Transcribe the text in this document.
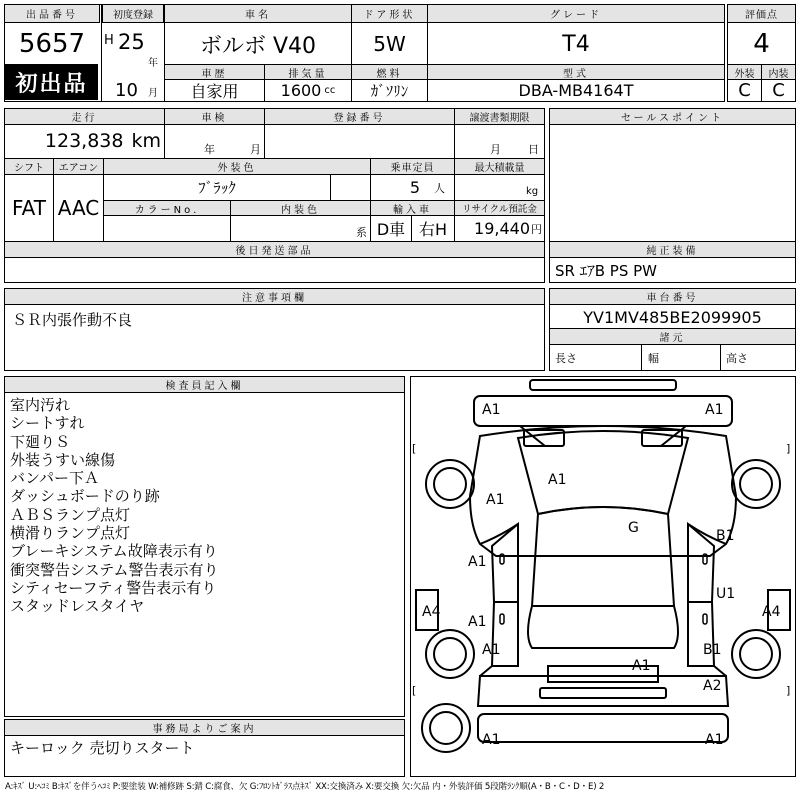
出品番号
5657
初出品
初度登録
H 25
年
車名
ボルボ V40
ドア形状
5W
グレード
T4
評価点
4
10	月
車歴
自家用
排気量
1600 cc
燃料
ｶﾞｿﾘﾝ
型式
DBA-MB4164T
外装	内装
C	C
走行
123,838 km
車検
年	月
登録番号	譲渡書類期限
月 日
シフト	エアコン
FAT AAC
外装色
ﾌﾞﾗｯｸ
乗車定員
5 人
最大積載量
kg
カラーNo.	内装色
系
輸入車
D車 右H
リサイクル預託金
19,440 円
後日発送部品
セールスポイント
純正装備
SR ｴｱB PS PW
注意事項欄
ＳＲ内張作動不良
車台番号
YV1MV485BE2099905
諸元
長さ	幅	高さ
検査員記入欄
室内汚れ
シートすれ
下廻りＳ
外装うすい線傷
バンパー下Ａ
ダッシュボードのり跡
ＡＢＳランプ点灯
横滑りランプ点灯
ブレーキシステム故障表示有り
衝突警告システム警告表示有り
シティセーフティ警告表示有り
スタッドレスタイヤ
事務局よりご案内
キーロック 売切りスタート
A1	A1
A1
G
A1
A1
A1
B1
U1
A4	A4
A1	B1
A1
A2
A1	A1
[	]
[	]
A:ｷｽﾞ U:ﾍｺﾐ B:ｷｽﾞを伴うﾍｺﾐ P:要塗装 W:補修跡 S:錆 C:腐食、欠 G:ﾌﾛﾝﾄｶﾞﾗｽ点ｷｽﾞ XX:交換済み X:要交換 欠:欠品 内・外装評価 5段階ﾗﾝｸ順(A・B・C・D・E) 2
